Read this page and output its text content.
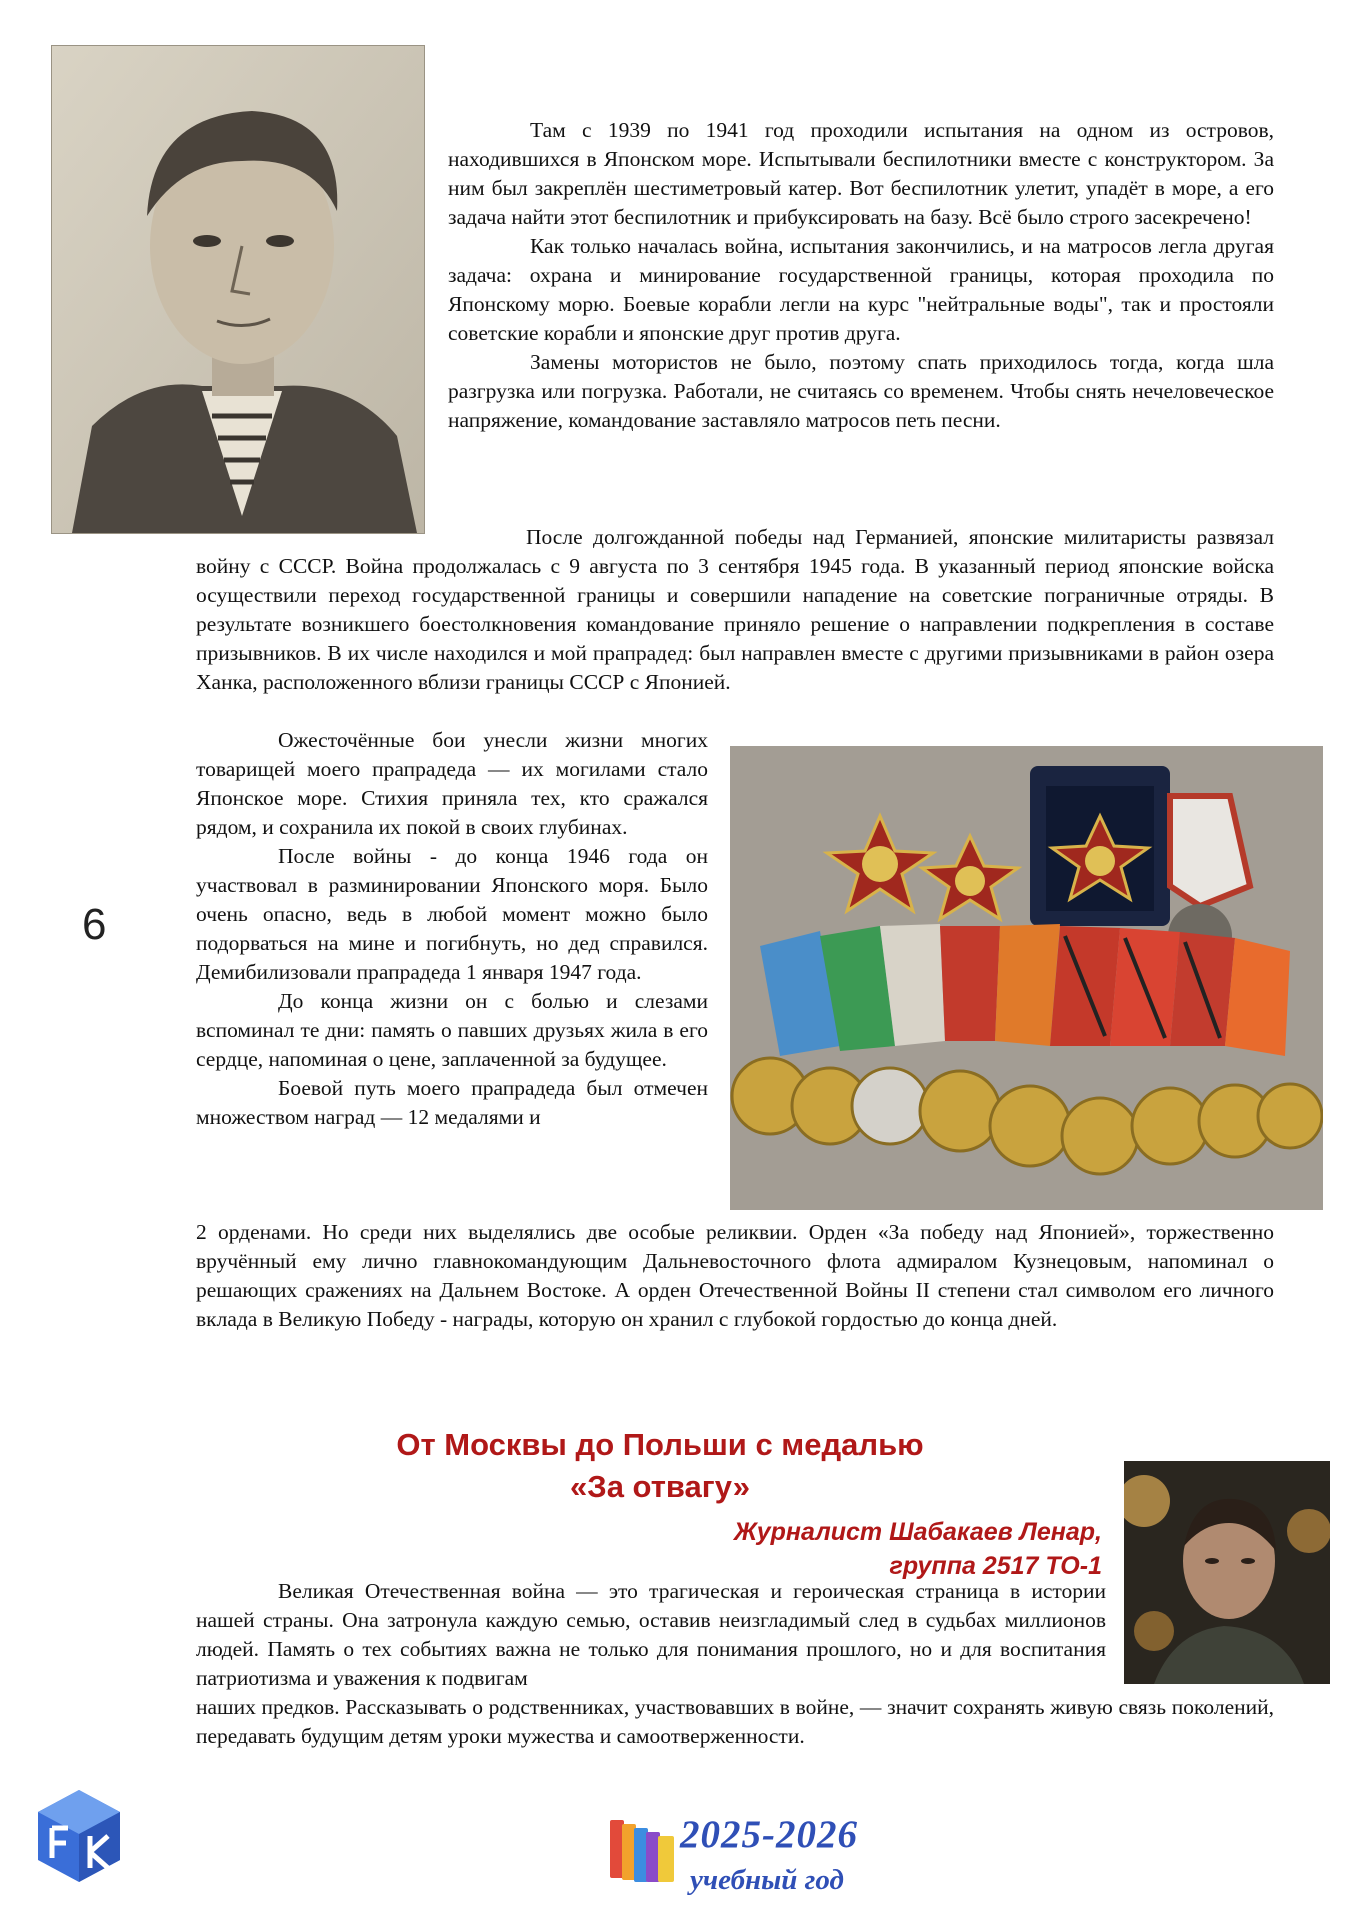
Там с 1939 по 1941 год проходили испытания на одном из островов, находившихся в Японском море. Испытывали беспилотники вместе с конструктором. За ним был закреплён шестиметровый катер. Вот беспилотник улетит, упадёт в море, а его задача найти этот беспилотник и прибуксировать на базу. Всё было строго засекречено!

Как только началась война, испытания закончились, и на матросов легла другая задача: охрана и минирование государственной границы, которая проходила по Японскому морю. Боевые корабли легли на курс "нейтральные воды", так и простояли советские корабли и японские друг против друга.

Замены мотористов не было, поэтому спать приходилось тогда, когда шла разгрузка или погрузка. Работали, не считаясь со временем. Чтобы снять нечеловеческое напряжение, командование заставляло матросов петь песни.

После долгожданной победы над Германией, японские милитаристы развязал войну с СССР. Война продолжалась с 9 августа по 3 сентября 1945 года. В указанный период японские войска осуществили переход государственной границы и совершили нападение на советские пограничные отряды. В результате возникшего боестолкновения командование приняло решение о направлении подкрепления в составе призывников. В их числе находился и мой прапрадед: был направлен вместе с другими призывниками в район озера Ханка, расположенного вблизи границы СССР с Японией.

6

Ожесточённые бои унесли жизни многих товарищей моего прапрадеда — их могилами стало Японское море. Стихия приняла тех, кто сражался рядом, и сохранила их покой в своих глубинах.

После войны - до конца 1946 года он участвовал в разминировании Японского моря. Было очень опасно, ведь в любой момент можно было подорваться на мине и погибнуть, но дед справился. Демибилизовали прапрадеда 1 января 1947 года.

До конца жизни он с болью и слезами вспоминал те дни: память о павших друзьях жила в его сердце, напоминая о цене, заплаченной за будущее.

Боевой путь моего прапрадеда был отмечен множеством наград — 12 медалями и

2 орденами. Но среди них выделялись две особые реликвии. Орден «За победу над Японией», торжественно вручённый ему лично главнокомандующим Дальневосточного флота адмиралом Кузнецовым, напоминал о решающих сражениях на Дальнем Востоке. А орден Отечественной Войны II степени стал символом его личного вклада в Великую Победу - награды, которую он хранил с глубокой гордостью до конца дней.

От Москвы до Польши с медалью
«За отвагу»
Журналист Шабакаев Ленар,
группа 2517 ТО-1

Великая Отечественная война — это трагическая и героическая страница в истории нашей страны. Она затронула каждую семью, оставив неизгладимый след в судьбах миллионов людей. Память о тех событиях важна не только для понимания прошлого, но и для воспитания патриотизма и уважения к подвигам

наших предков. Рассказывать о родственниках, участвовавших в войне, — значит сохранять живую связь поколений, передавать будущим детям уроки мужества и самоотверженности.

2025-2026
учебный год
